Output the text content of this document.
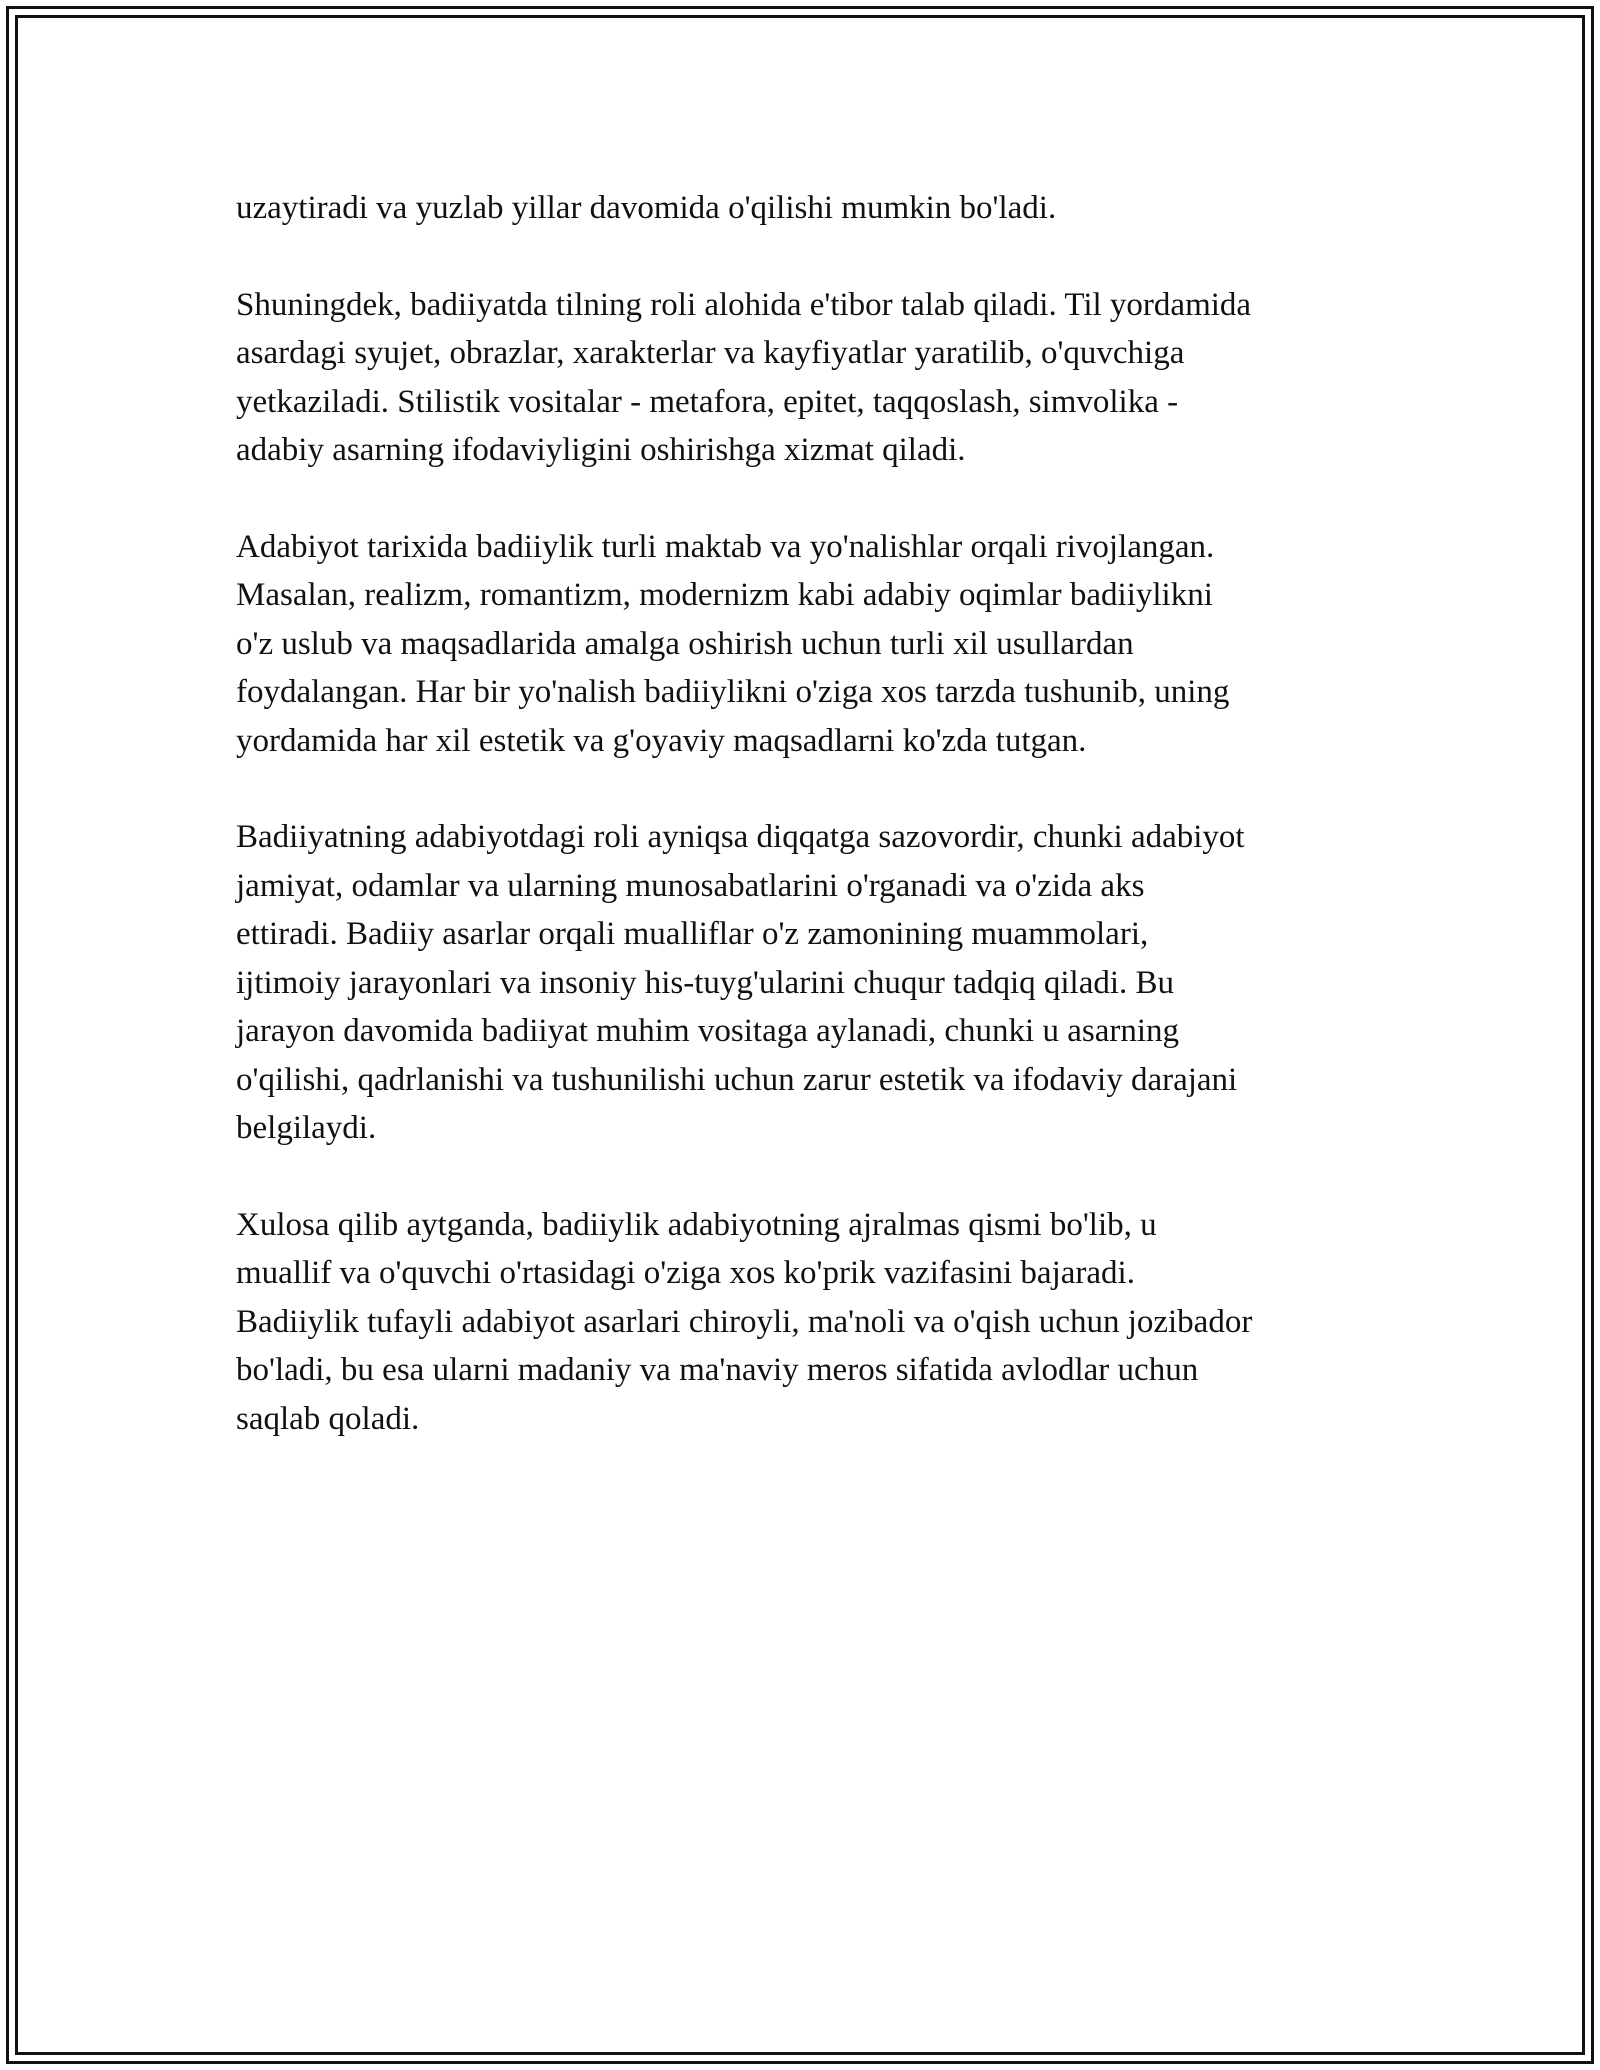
uzaytiradi va yuzlab yillar davomida o'qilishi mumkin bo'ladi.

Shuningdek, badiiyatda tilning roli alohida e'tibor talab qiladi. Til yordamida
asardagi syujet, obrazlar, xarakterlar va kayfiyatlar yaratilib, o'quvchiga
yetkaziladi. Stilistik vositalar - metafora, epitet, taqqoslash, simvolika -
adabiy asarning ifodaviyligini oshirishga xizmat qiladi.

Adabiyot tarixida badiiylik turli maktab va yo'nalishlar orqali rivojlangan.
Masalan, realizm, romantizm, modernizm kabi adabiy oqimlar badiiylikni
o'z uslub va maqsadlarida amalga oshirish uchun turli xil usullardan
foydalangan. Har bir yo'nalish badiiylikni o'ziga xos tarzda tushunib, uning
yordamida har xil estetik va g'oyaviy maqsadlarni ko'zda tutgan.

Badiiyatning adabiyotdagi roli ayniqsa diqqatga sazovordir, chunki adabiyot
jamiyat, odamlar va ularning munosabatlarini o'rganadi va o'zida aks
ettiradi. Badiiy asarlar orqali mualliflar o'z zamonining muammolari,
ijtimoiy jarayonlari va insoniy his-tuyg'ularini chuqur tadqiq qiladi. Bu
jarayon davomida badiiyat muhim vositaga aylanadi, chunki u asarning
o'qilishi, qadrlanishi va tushunilishi uchun zarur estetik va ifodaviy darajani
belgilaydi.

Xulosa qilib aytganda, badiiylik adabiyotning ajralmas qismi bo'lib, u
muallif va o'quvchi o'rtasidagi o'ziga xos ko'prik vazifasini bajaradi.
Badiiylik tufayli adabiyot asarlari chiroyli, ma'noli va o'qish uchun jozibador
bo'ladi, bu esa ularni madaniy va ma'naviy meros sifatida avlodlar uchun
saqlab qoladi.
